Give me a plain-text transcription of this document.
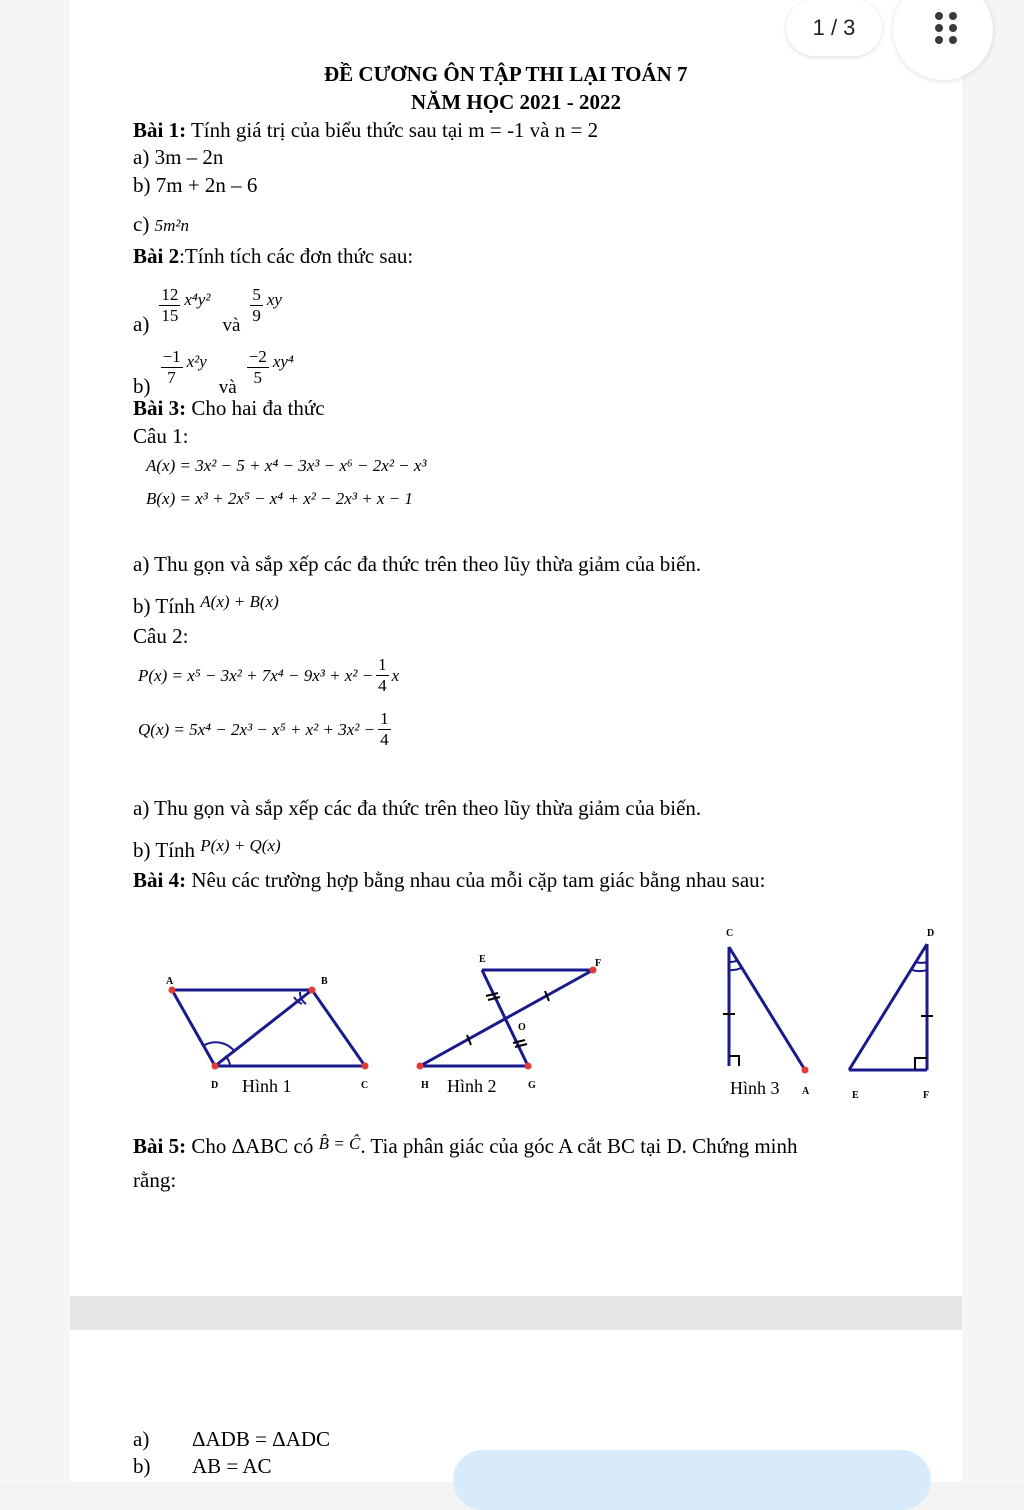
ĐỀ CƯƠNG ÔN TẬP THI LẠI TOÁN 7
NĂM HỌC 2021 - 2022
Bài 1: Tính giá trị của biểu thức sau tại m = -1 và n = 2
a) 3m – 2n
b) 7m + 2n – 6
c) 5m²n
Bài 2:Tính tích các đơn thức sau:
$a) \frac{12}{15} x^4y^2$
và $\frac{5}{9}$ xy
$b) \frac{-1}{7} x^2y$
và $\frac{-2}{5} xy^4$
Bài 3: Cho hai đa thức
Câu 1:
A(x) = 3x² − 5 + x⁴ − 3x³ − x⁶ − 2x² − x³
B(x) = x³ + 2x⁵ − x⁴ + x² − 2x³ + x − 1
a) Thu gọn và sắp xếp các đa thức trên theo lũy thừa giảm của biến.
b) Tính $^{A(x) + B(x)}$
Câu 2:
$P(x) = x^5 - 3x^2 + 7x^4 - 9x^3 + x^2 - \frac{1}{4}$ x
$Q(x) = 5x^4 - 2x^3 - x^5 + x^2 + 3x^2 - \frac{1}{4}$
a) Thu gọn và sắp xếp các đa thức trên theo lũy thừa giảm của biến.
b) Tính $^{P(x) + Q(x)}$
Bài 4: Nêu các trường hợp bằng nhau của mỗi cặp tam giác bằng nhau sau:
A	B
C
D Hình 1
E	F
G
H
O
Hình 2
C	D
A	E	F
Hình 3
Bài 5: Cho ΔABC có B̂ = Ĉ. Tia phân giác của góc A cắt BC tại D. Chứng minh
rằng:
a) ΔADB = ΔADC
b) AB = AC
1 / 3
